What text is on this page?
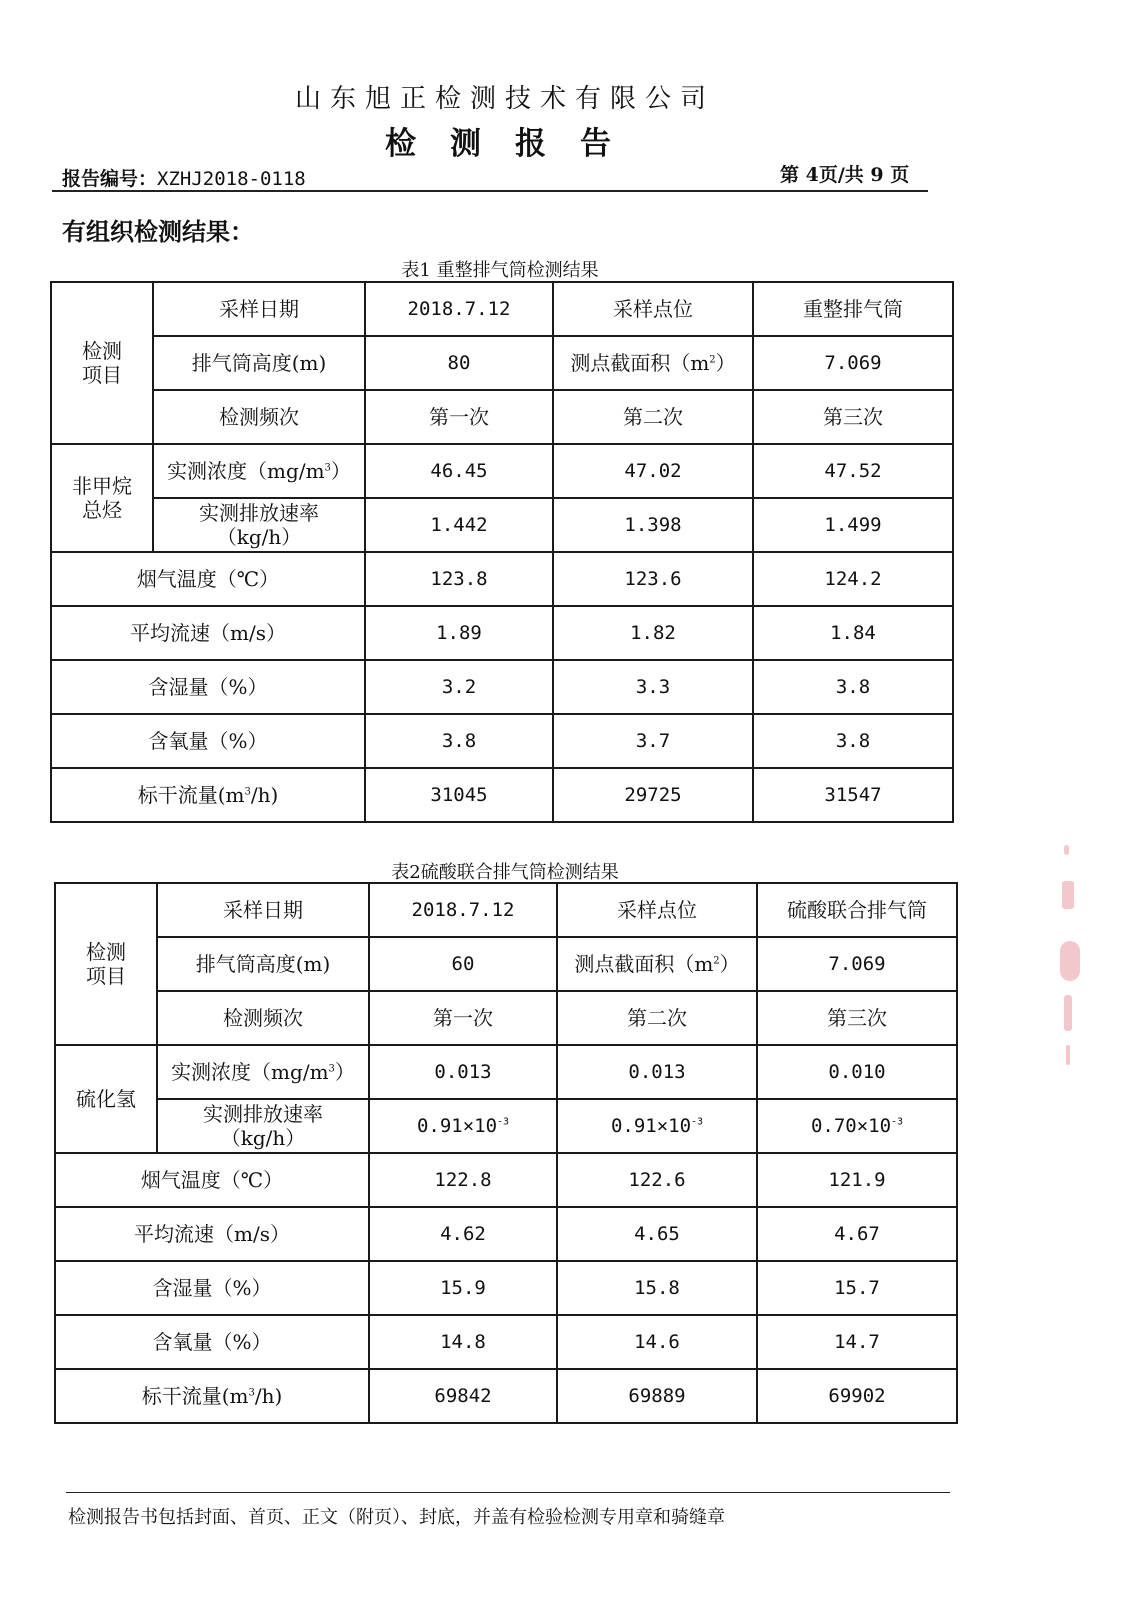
山东旭正检测技术有限公司
检测报告
报告编号：XZHJ2018-0118	第 4页/共 9 页
有组织检测结果：
表1 重整排气筒检测结果
检测
项目	采样日期	2018.7.12	采样点位	重整排气筒
	排气筒高度(m)	80	测点截面积$(m^2)$	7.069
	检测频次	第一次	第二次	第三次
非甲烷
总烃	实测浓度$(mg/m^3)$	46.45	47.02	47.52
	实测排放速率
（kg/h）	1.442	1.398	1.499
烟气温度（℃）		123.8	123.6	124.2
平均流速（m/s）		1.89	1.82	1.84
含湿量（%）		3.2	3.3	3.8
含氧量（%）		3.8	3.7	3.8
标干流量$(m^3/h)$		31045	29725	31547
表2硫酸联合排气筒检测结果
检测
项目	采样日期	2018.7.12	采样点位	硫酸联合排气筒
	排气筒高度(m)	60	测点截面积$(m^2)$	7.069
	检测频次	第一次	第二次	第三次
硫化氢	实测浓度$(mg/m^3)$	0.013	0.013	0.010
	实测排放速率
（kg/h）	$0.91\times 10^{-3}$	$0.91\times 10^{-3}$	$0.70\times 10^{-3}$
烟气温度（℃）		122.8	122.6	121.9
平均流速（m/s）		4.62	4.65	4.67
含湿量（%）		15.9	15.8	15.7
含氧量（%）		14.8	14.6	14.7
标干流量$(m^3/h)$		69842	69889	69902
检测报告书包括封面、首页、正文（附页）、封底，并盖有检验检测专用章和骑缝章
